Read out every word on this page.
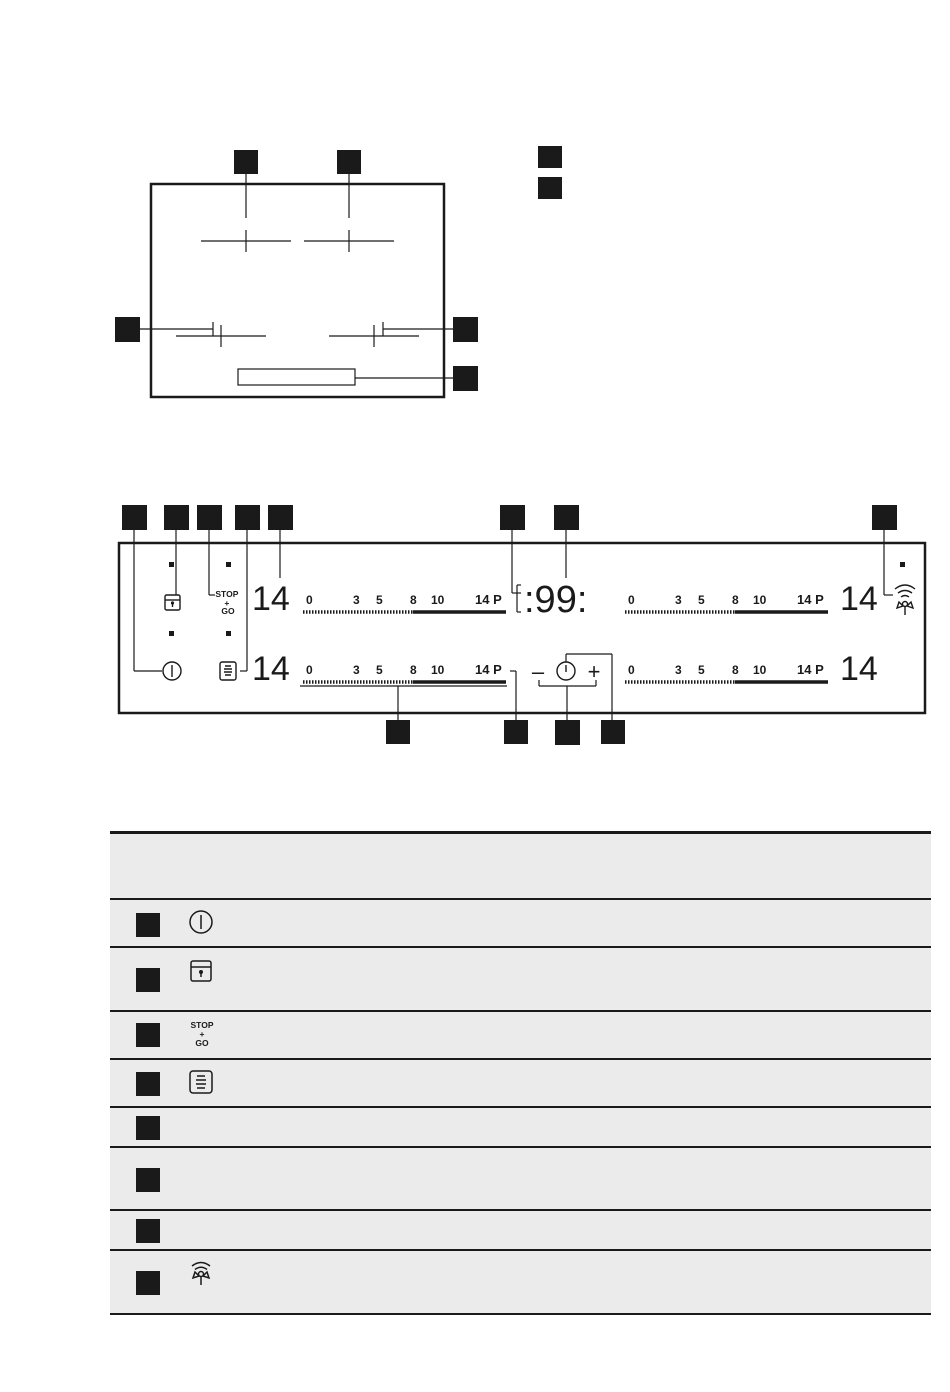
STOP + GO
– +
14
14
14
14
:99:
0	3 5 8 10 14 P	0	3 5 8 10 14 P
0	3 5 8 10 14 P	0	3 5 8 10 14 P
STOP
+
GO
